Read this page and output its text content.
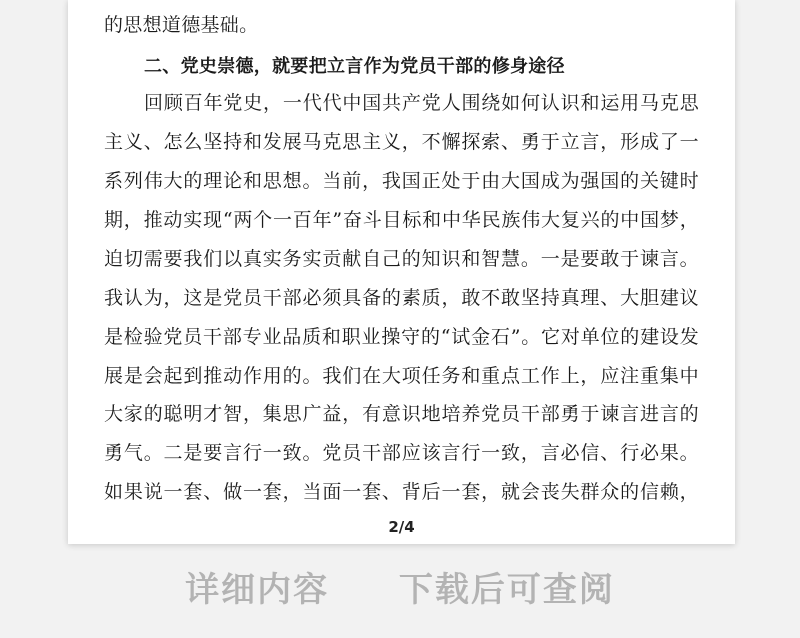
的思想道德基础。
二、党史崇德，就要把立言作为党员干部的修身途径
回顾百年党史，一代代中国共产党人围绕如何认识和运用马克思
主义、怎么坚持和发展马克思主义，不懈探索、勇于立言，形成了一
系列伟大的理论和思想。当前，我国正处于由大国成为强国的关键时
期，推动实现“两个一百年”奋斗目标和中华民族伟大复兴的中国梦，
迫切需要我们以真实务实贡献自己的知识和智慧。一是要敢于谏言。
我认为，这是党员干部必须具备的素质，敢不敢坚持真理、大胆建议
是检验党员干部专业品质和职业操守的“试金石”。它对单位的建设发
展是会起到推动作用的。我们在大项任务和重点工作上，应注重集中
大家的聪明才智，集思广益，有意识地培养党员干部勇于谏言进言的
勇气。二是要言行一致。党员干部应该言行一致，言必信、行必果。
如果说一套、做一套，当面一套、背后一套，就会丧失群众的信赖，
2/4
详细内容 下载后可查阅
